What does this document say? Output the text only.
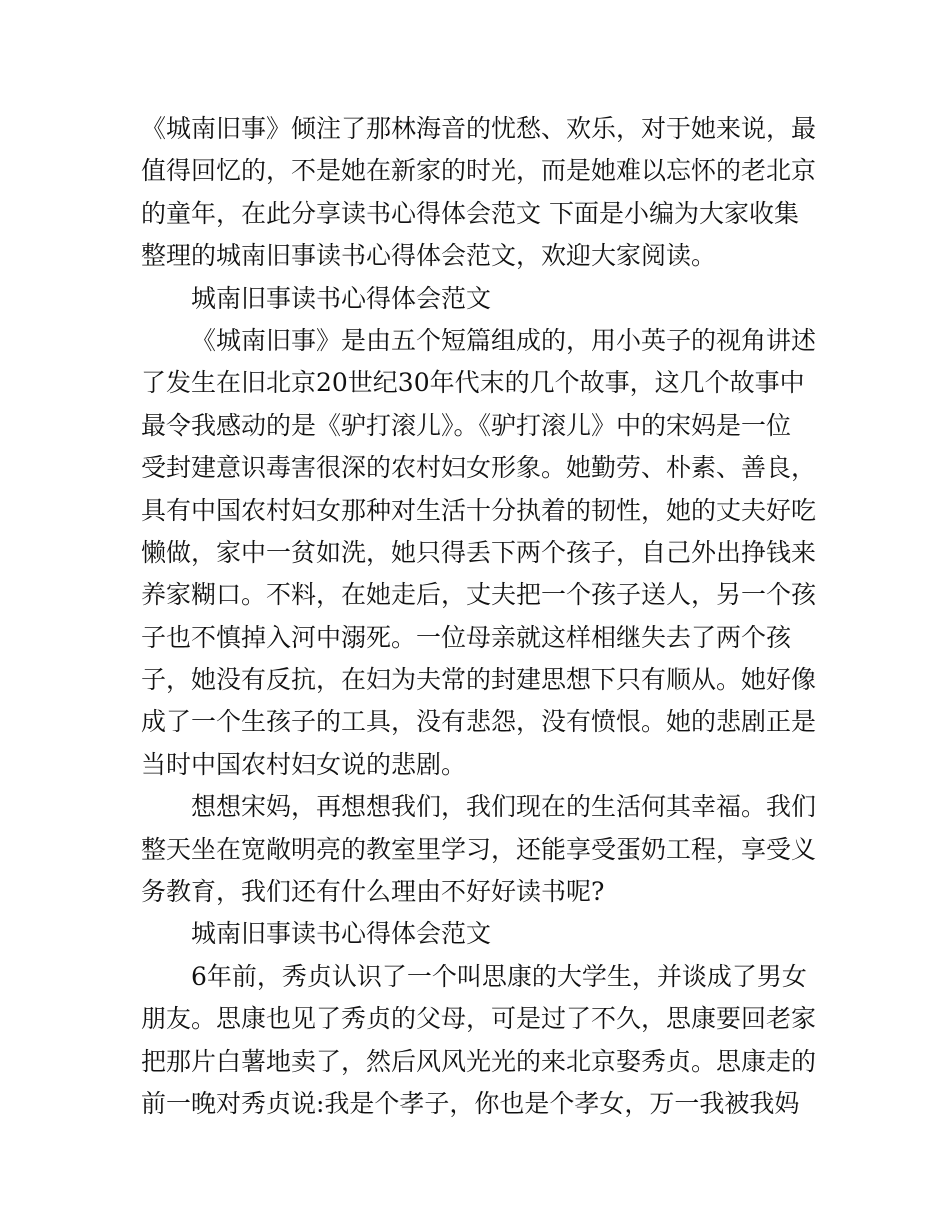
《城南旧事》倾注了那林海音的忧愁、欢乐，对于她来说，最
值得回忆的，不是她在新家的时光，而是她难以忘怀的老北京
的童年，在此分享读书心得体会范文 下面是小编为大家收集
整理的城南旧事读书心得体会范文，欢迎大家阅读。
城南旧事读书心得体会范文
《城南旧事》是由五个短篇组成的，用小英子的视角讲述
了发生在旧北京20世纪30年代末的几个故事，这几个故事中
最令我感动的是《驴打滚儿》。《驴打滚儿》中的宋妈是一位
受封建意识毒害很深的农村妇女形象。她勤劳、朴素、善良，
具有中国农村妇女那种对生活十分执着的韧性，她的丈夫好吃
懒做，家中一贫如洗，她只得丢下两个孩子，自己外出挣钱来
养家糊口。不料，在她走后，丈夫把一个孩子送人，另一个孩
子也不慎掉入河中溺死。一位母亲就这样相继失去了两个孩
子，她没有反抗，在妇为夫常的封建思想下只有顺从。她好像
成了一个生孩子的工具，没有悲怨，没有愤恨。她的悲剧正是
当时中国农村妇女说的悲剧。
想想宋妈，再想想我们，我们现在的生活何其幸福。我们
整天坐在宽敞明亮的教室里学习，还能享受蛋奶工程，享受义
务教育，我们还有什么理由不好好读书呢?
城南旧事读书心得体会范文
6年前，秀贞认识了一个叫思康的大学生，并谈成了男女
朋友。思康也见了秀贞的父母，可是过了不久，思康要回老家
把那片白薯地卖了，然后风风光光的来北京娶秀贞。思康走的
前一晚对秀贞说:我是个孝子，你也是个孝女，万一我被我妈
